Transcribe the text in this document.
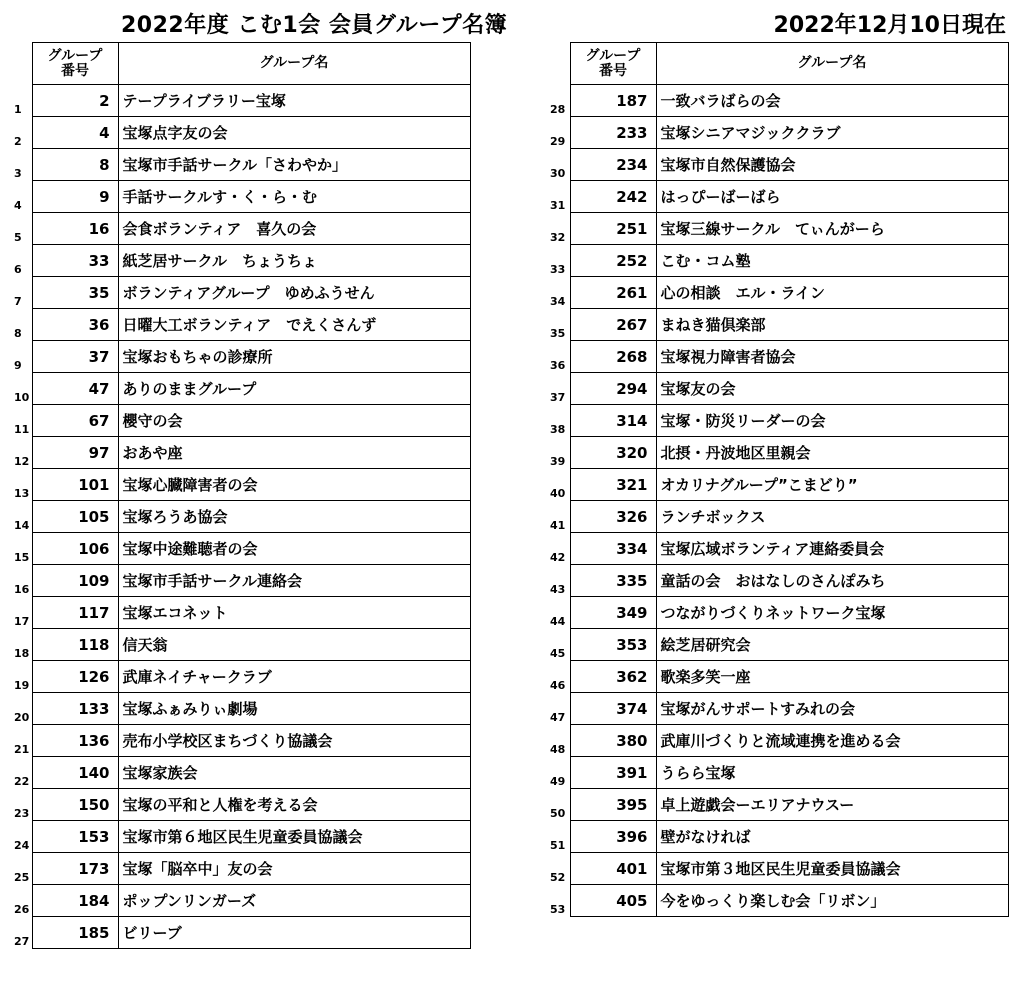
2022年度 こむ1会 会員グループ名簿	2022年12月10日現在
	グループ
番号	グループ名
1	2	テープライブラリー宝塚
2	4	宝塚点字友の会
3	8	宝塚市手話サークル「さわやか」
4	9	手話サークルす・く・ら・む
5	16	会食ボランティア　喜久の会
6	33	紙芝居サークル　ちょうちょ
7	35	ボランティアグループ　ゆめふうせん
8	36	日曜大工ボランティア　でえくさんず
9	37	宝塚おもちゃの診療所
10	47	ありのままグループ
11	67	櫻守の会
12	97	おあや座
13	101	宝塚心臓障害者の会
14	105	宝塚ろうあ協会
15	106	宝塚中途難聴者の会
16	109	宝塚市手話サークル連絡会
17	117	宝塚エコネット
18	118	信天翁
19	126	武庫ネイチャークラブ
20	133	宝塚ふぁみりぃ劇場
21	136	売布小学校区まちづくり協議会
22	140	宝塚家族会
23	150	宝塚の平和と人権を考える会
24	153	宝塚市第６地区民生児童委員協議会
25	173	宝塚「脳卒中」友の会
26	184	ポップンリンガーズ
27	185	ビリーブ
	グループ
番号	グループ名
28	187	一致バラばらの会
29	233	宝塚シニアマジッククラブ
30	234	宝塚市自然保護協会
31	242	はっぴーばーばら
32	251	宝塚三線サークル　てぃんがーら
33	252	こむ・コム塾
34	261	心の相談　エル・ライン
35	267	まねき猫倶楽部
36	268	宝塚視力障害者協会
37	294	宝塚友の会
38	314	宝塚・防災リーダーの会
39	320	北摂・丹波地区里親会
40	321	オカリナグループ”こまどり”
41	326	ランチボックス
42	334	宝塚広域ボランティア連絡委員会
43	335	童話の会　おはなしのさんぽみち
44	349	つながりづくりネットワーク宝塚
45	353	絵芝居研究会
46	362	歌楽多笑一座
47	374	宝塚がんサポートすみれの会
48	380	武庫川づくりと流域連携を進める会
49	391	うらら宝塚
50	395	卓上遊戯会ーエリアナウスー
51	396	壁がなければ
52	401	宝塚市第３地区民生児童委員協議会
53	405	今をゆっくり楽しむ会「リボン」
